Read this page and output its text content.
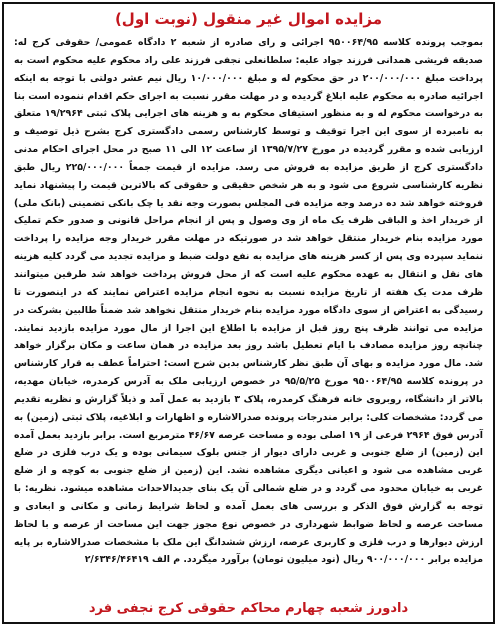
مزایده اموال غیر منقول (نوبت اول)

بموجب پرونده کلاسه ۹۵۰۰۶۴/۹۵ اجرائی و رای صادره از شعبه ۲ دادگاه عمومی/ حقوقی کرج له: صدیقه قریشی همدانی فرزند جواد علیه: سلطانعلی نجفی فرزند علی راد محکوم علیه محکوم است به پرداخت مبلغ ۲۰۰/۰۰۰/۰۰۰ در حق محکوم له و مبلغ ۱۰/۰۰۰/۰۰۰ ریال نیم عشر دولتی با توجه به اینکه اجرائیه صادره به محکوم علیه ابلاغ گردیده و در مهلت مقرر نسبت به اجرای حکم اقدام ننموده است بنا به درخواست محکوم له و به منظور استیفای محکوم به و هزینه های اجرایی پلاک ثبتی ۱۹/۲۹۶۴ متعلق به نامبرده از سوی این اجرا توقیف و توسط کارشناس رسمی دادگستری کرج بشرح ذیل توصیف و ارزیابی شده و مقرر گردیده در مورخ ۱۳۹۵/۷/۲۷ از ساعت ۱۲ الی ۱۱ صبح در محل اجرای احکام مدنی دادگستری کرج از طریق مزایده به فروش می رسد. مزایده از قیمت جمعاً ۲۲۵/۰۰۰/۰۰۰ ریال طبق نظریه کارشناسی شروع می شود و به هر شخص حقیقی و حقوقی که بالاترین قیمت را پیشنهاد نماید فروخته خواهد شد ده درصد وجه مزایده فی المجلس بصورت وجه نقد یا چک بانکی تضمینی (بانک ملی) از خریدار اخذ و الباقی ظرف یک ماه از وی وصول و پس از انجام مراحل قانونی و صدور حکم تملیک مورد مزایده بنام خریدار منتقل خواهد شد در صورتیکه در مهلت مقرر خریدار وجه مزایده را پرداخت ننماید سپرده وی پس از کسر هزینه های مزایده به نفع دولت ضبط و مزایده تجدید می گردد کلیه هزینه های نقل و انتقال به عهده محکوم علیه است که از محل فروش پرداخت خواهد شد طرفین میتوانند ظرف مدت یک هفته از تاریخ مزایده نسبت به نحوه انجام مزایده اعتراض نمایند که در اینصورت تا رسیدگی به اعتراض از سوی دادگاه مورد مزایده بنام خریدار منتقل نخواهد شد ضمناً طالبین بشرکت در مزایده می توانند ظرف پنج روز قبل از مزایده با اطلاع این اجرا از مال مورد مزایده بازدید نمایند. چنانچه روز مزایده مصادف با ایام تعطیل باشد روز بعد مزایده در همان ساعت و مکان برگزار خواهد شد. مال مورد مزایده و بهای آن طبق نظر کارشناس بدین شرح است: احتراماً عطف به قرار کارشناس در پرونده کلاسه ۹۵۰۰۶۴/۹۵ مورخ ۹۵/۵/۲۵ در خصوص ارزیابی ملک به آدرس کرمدره، خیابان مهدیه، بالاتر از دانشگاه، روبروی خانه فرهنگ کرمدره، پلاک ۳ بازدید به عمل آمد و ذیلاً گزارش و نظریه تقدیم می گردد: مشخصات کلی: برابر مندرجات پرونده صدرالاشاره و اظهارات و ابلاغیه، پلاک ثبتی (زمین) به آدرس فوق ۲۹۶۴ فرعی از ۱۹ اصلی بوده و مساحت عرصه ۴۶/۶۷ مترمربع است. برابر بازدید بعمل آمده این (زمین) از ضلع جنوبی و غربی دارای دیوار از جنس بلوک سیمانی بوده و یک درب فلزی در ضلع غربی مشاهده می شود و اعیانی دیگری مشاهده نشد. این (زمین از ضلع جنوبی به کوچه و از ضلع غربی به خیابان محدود می گردد و در ضلع شمالی آن یک بنای جدیدالاحداث مشاهده میشود. نظریه: با توجه به گزارش فوق الذکر و بررسی های بعمل آمده و لحاظ شرایط زمانی و مکانی و ابعادی و مساحت عرصه و لحاظ ضوابط شهرداری در خصوص نوع مجوز جهت این مساحت از عرصه و با لحاظ ارزش دیوارها و درب فلزی و کاربری عرصه، ارزش ششدانگ این ملک با مشخصات صدرالاشاره بر پایه مزایده برابر ۹۰۰/۰۰۰/۰۰۰ ریال (نود میلیون تومان) برآورد میگردد. م الف ۲/۶۳۴۶/۴۶۴۱۹

دادورز شعبه چهارم محاکم حقوقی کرج نجفی فرد
